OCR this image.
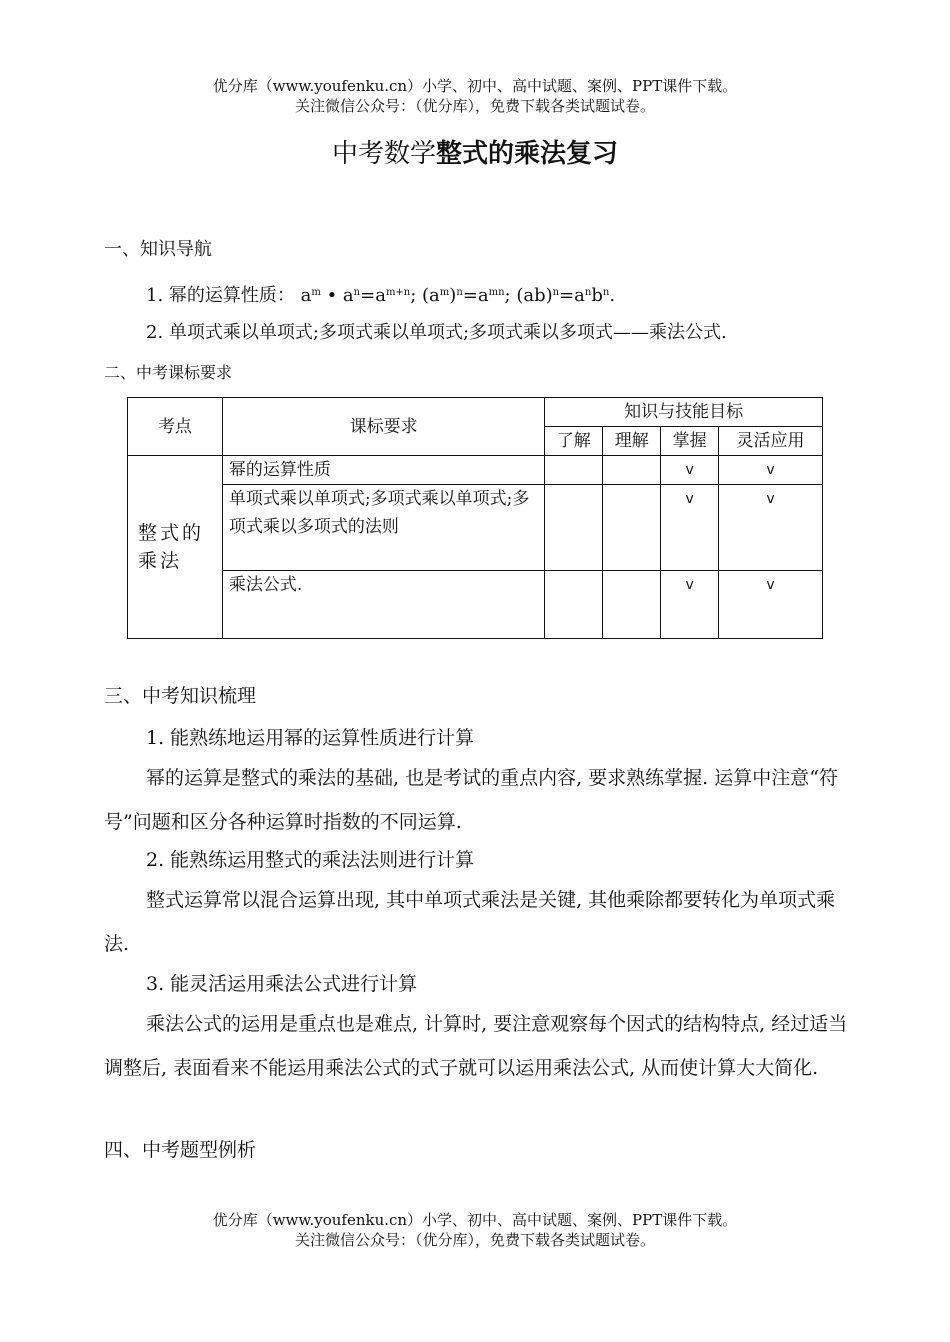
优分库（www.youfenku.cn）小学、初中、高中试题、案例、PPT课件下载。
关注微信公众号：（优分库），免费下载各类试题试卷。
中考数学整式的乘法复习
一、知识导航
1. 幂的运算性质： $a^m$ • $a^n=a^{m+n}$; $(a^m)^n=a^{mn}$; $(ab)^n=a^nb^n$.
2. 单项式乘以单项式;多项式乘以单项式;多项式乘以多项式——乘法公式.
二、中考课标要求
考点	课标要求	知识与技能目标			
		了解	理解	掌握	灵活应用
整式的乘法	幂的运算性质			v	v
	单项式乘以单项式;多项式乘以单项式;多项式乘以多项式的法则			v	v
	乘法公式.			v	v
三、中考知识梳理
1. 能熟练地运用幂的运算性质进行计算
幂的运算是整式的乘法的基础, 也是考试的重点内容, 要求熟练掌握. 运算中注意“符号”问题和区分各种运算时指数的不同运算.
2. 能熟练运用整式的乘法法则进行计算
整式运算常以混合运算出现, 其中单项式乘法是关键, 其他乘除都要转化为单项式乘法.
3. 能灵活运用乘法公式进行计算
乘法公式的运用是重点也是难点, 计算时, 要注意观察每个因式的结构特点, 经过适当调整后, 表面看来不能运用乘法公式的式子就可以运用乘法公式, 从而使计算大大简化.
四、中考题型例析
优分库（www.youfenku.cn）小学、初中、高中试题、案例、PPT课件下载。
关注微信公众号：（优分库），免费下载各类试题试卷。
